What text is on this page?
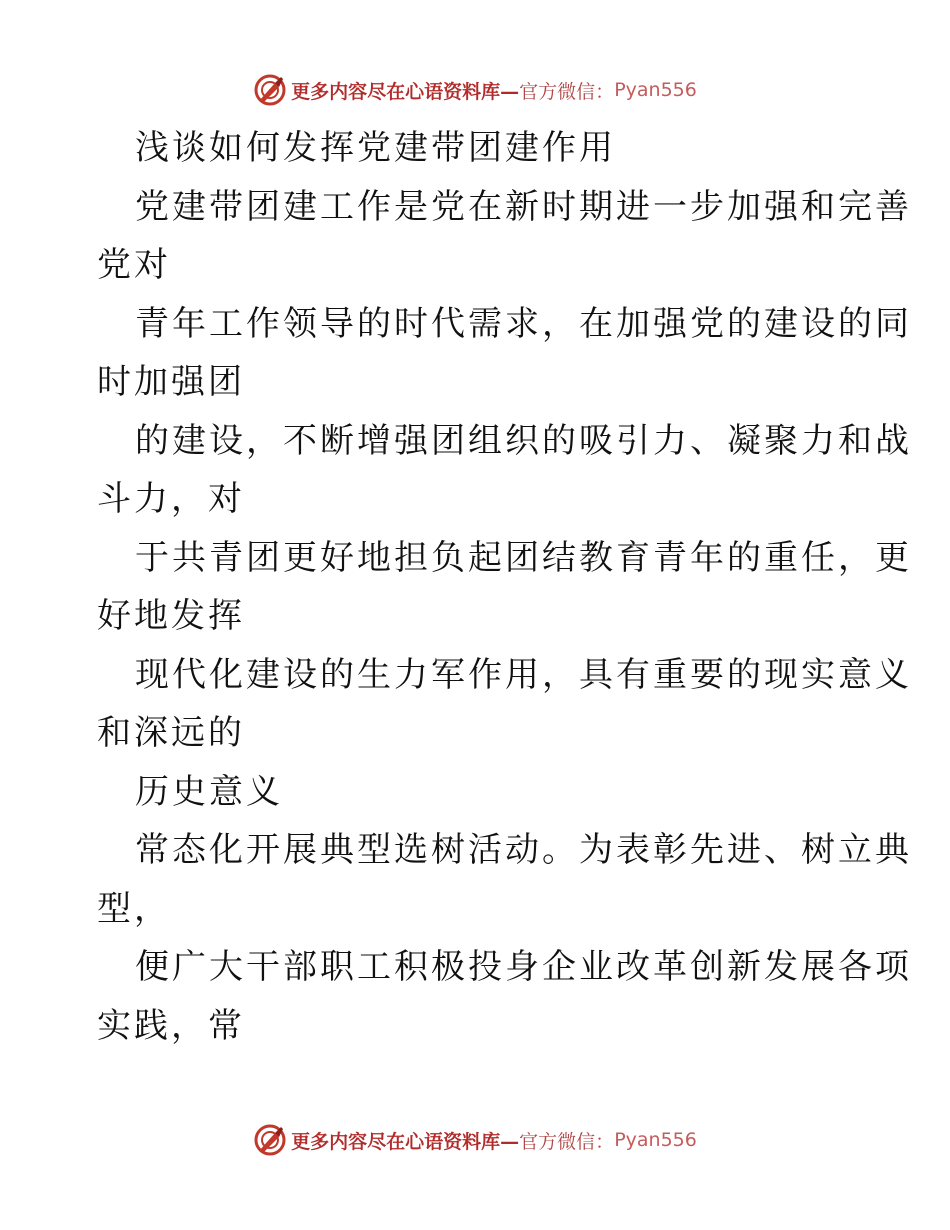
更多内容尽在心语资料库— 官方微信： Pyan556
浅谈如何发挥党建带团建作用
党建带团建工作是党在新时期进一步加强和完善
党对
青年工作领导的时代需求，在加强党的建设的同
时加强团
的建设，不断增强团组织的吸引力、凝聚力和战
斗力，对
于共青团更好地担负起团结教育青年的重任，更
好地发挥
现代化建设的生力军作用，具有重要的现实意义
和深远的
历史意义
常态化开展典型选树活动。为表彰先进、树立典
型，
便广大干部职工积极投身企业改革创新发展各项
实践，常
更多内容尽在心语资料库— 官方微信： Pyan556
